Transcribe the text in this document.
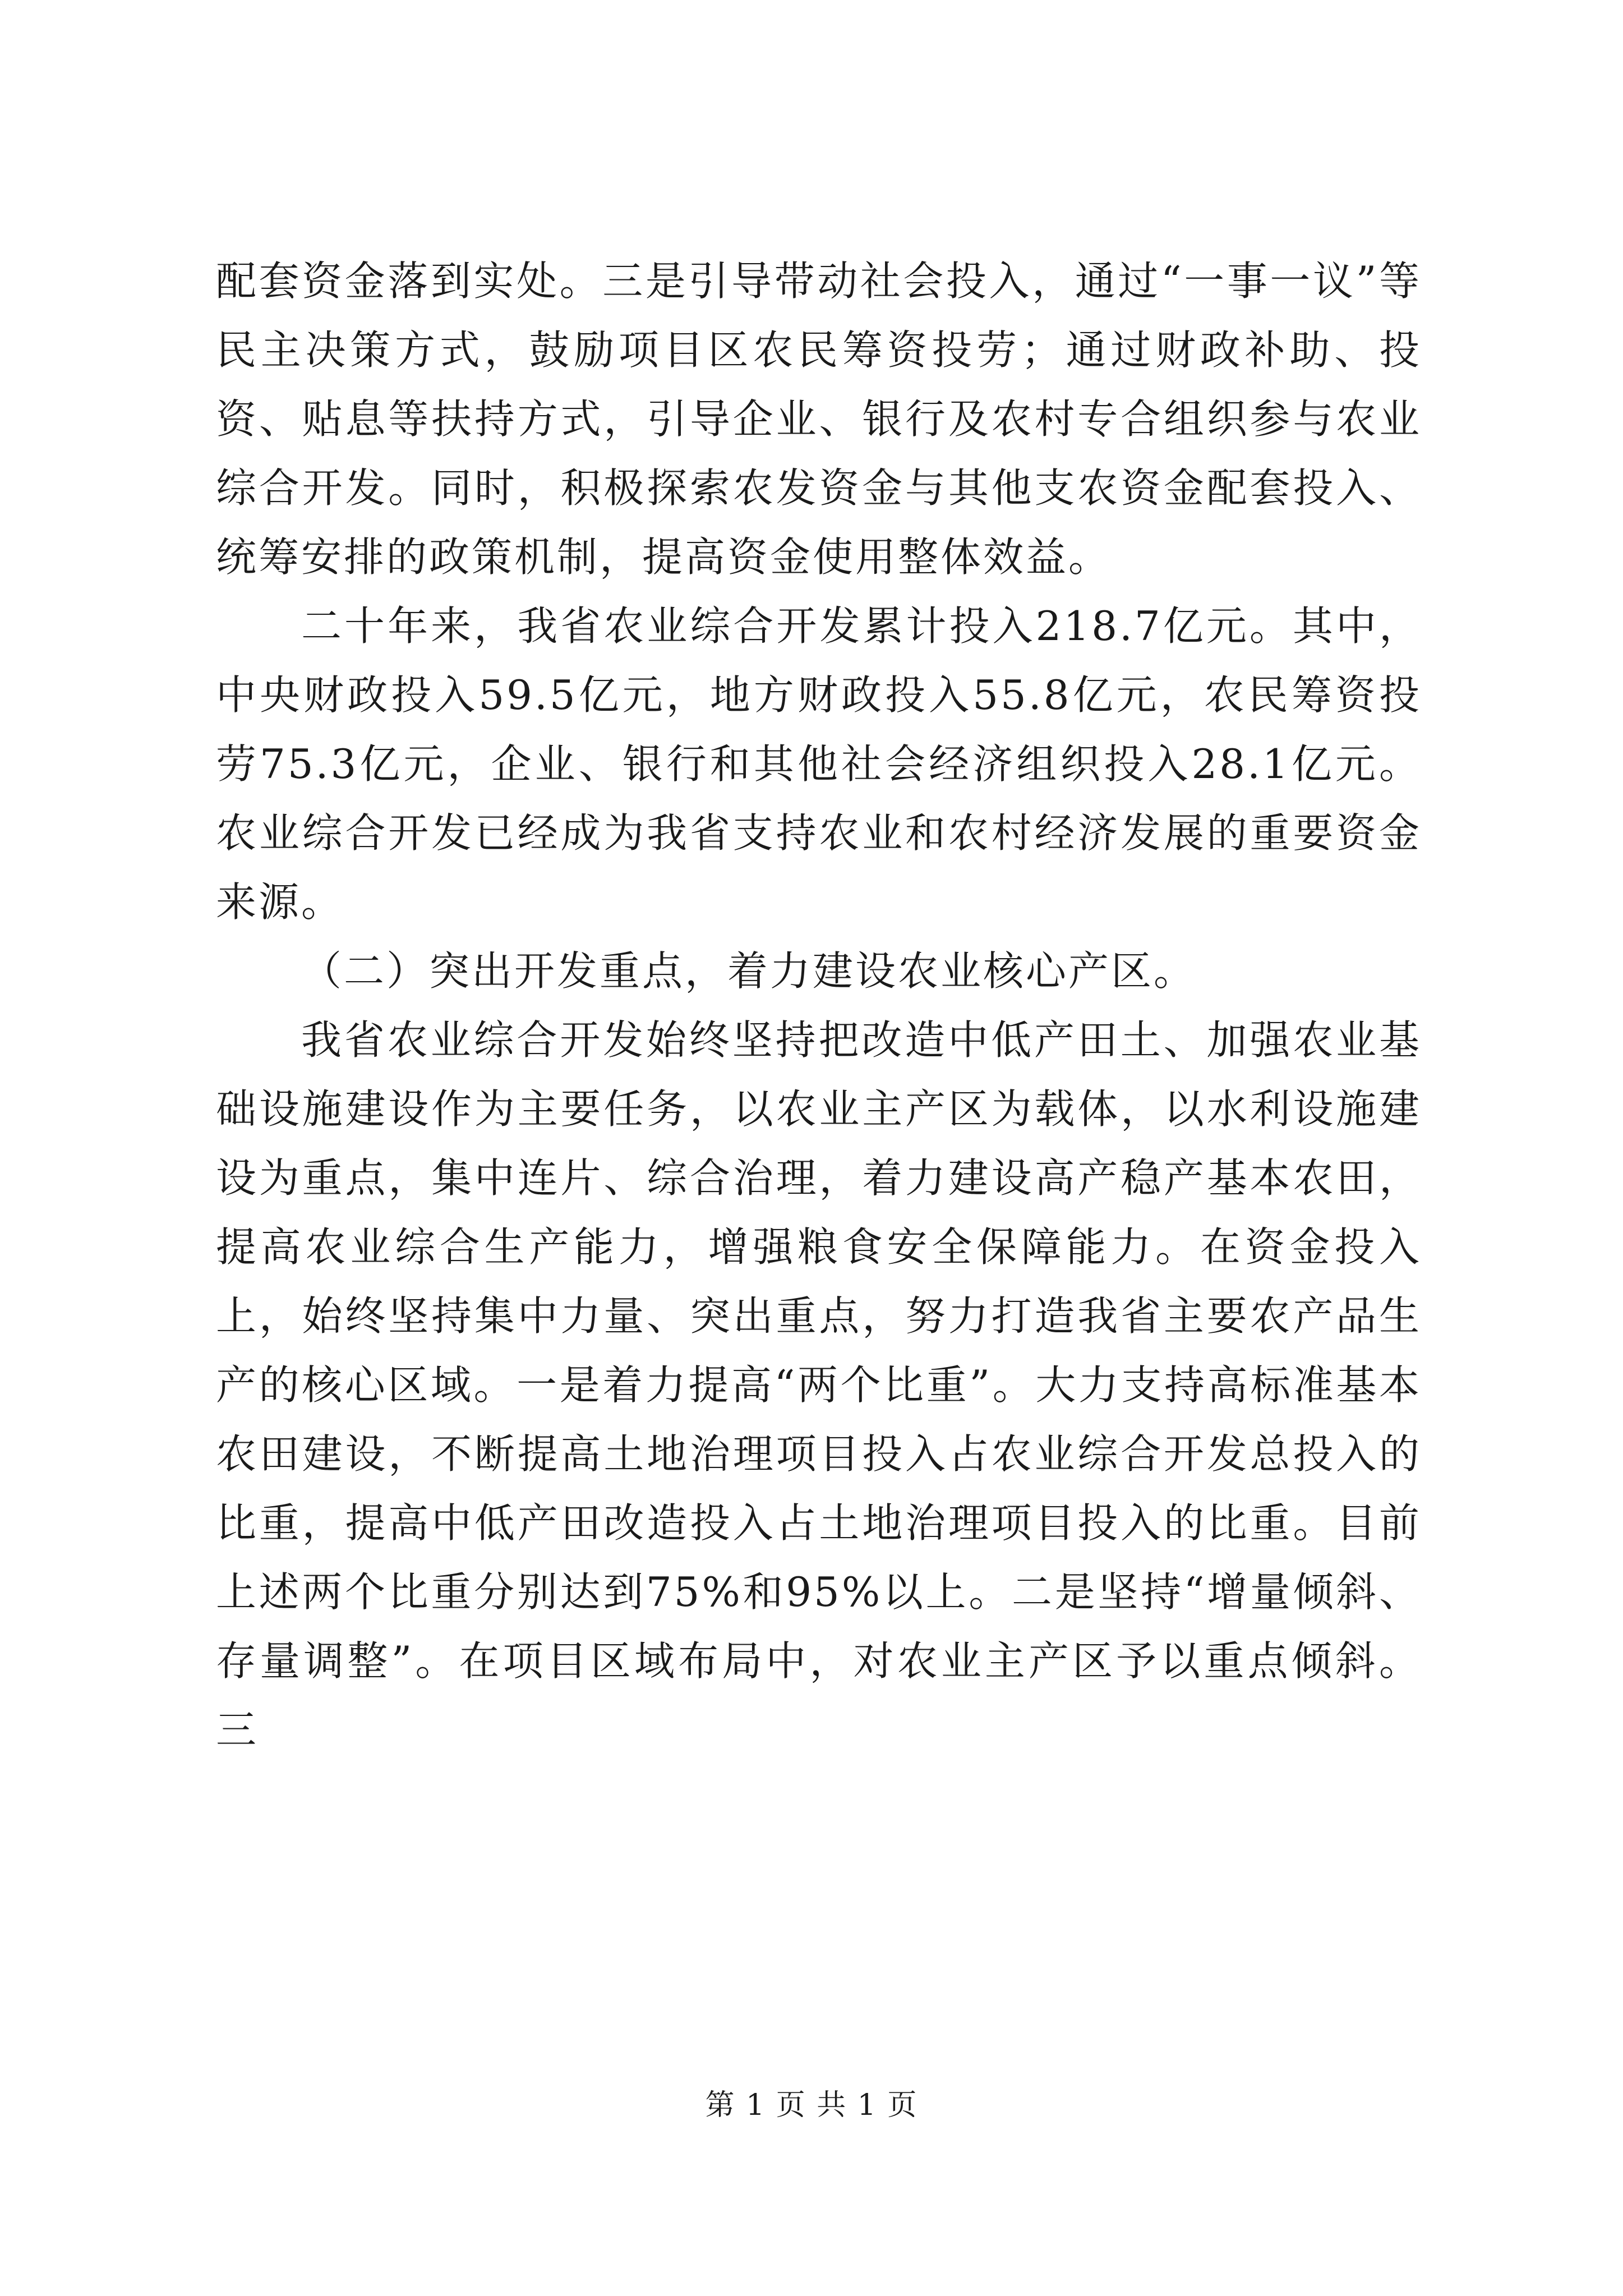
配套资金落到实处。三是引导带动社会投入，通过“一事一议”等民主决策方式，鼓励项目区农民筹资投劳；通过财政补助、投资、贴息等扶持方式，引导企业、银行及农村专合组织参与农业综合开发。同时，积极探索农发资金与其他支农资金配套投入、统筹安排的政策机制，提高资金使用整体效益。

二十年来，我省农业综合开发累计投入218.7亿元。其中，中央财政投入59.5亿元，地方财政投入55.8亿元，农民筹资投劳75.3亿元，企业、银行和其他社会经济组织投入28.1亿元。农业综合开发已经成为我省支持农业和农村经济发展的重要资金来源。

（二）突出开发重点，着力建设农业核心产区。

我省农业综合开发始终坚持把改造中低产田土、加强农业基础设施建设作为主要任务，以农业主产区为载体，以水利设施建设为重点，集中连片、综合治理，着力建设高产稳产基本农田，提高农业综合生产能力，增强粮食安全保障能力。在资金投入上，始终坚持集中力量、突出重点，努力打造我省主要农产品生产的核心区域。一是着力提高“两个比重”。大力支持高标准基本农田建设，不断提高土地治理项目投入占农业综合开发总投入的比重，提高中低产田改造投入占土地治理项目投入的比重。目前上述两个比重分别达到75%和95%以上。二是坚持“增量倾斜、存量调整”。在项目区域布局中，对农业主产区予以重点倾斜。三

第 1 页 共 1 页
